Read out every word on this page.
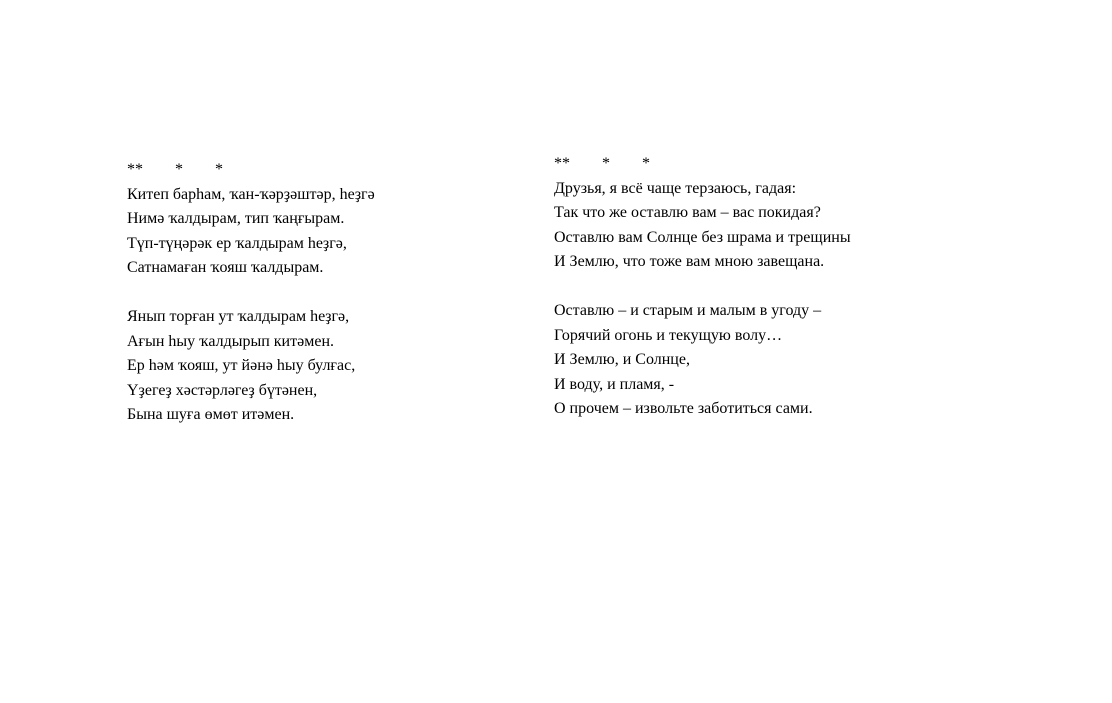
**        *        *
Китеп барһам, ҡан-ҡәрҙәштәр, һеҙгә
Нимә ҡалдырам, тип ҡаңғырам.
Түп-түңәрәк ер ҡалдырам һеҙгә,
Сатнамаған ҡояш ҡалдырам.
Янып торған ут ҡалдырам һеҙгә,
Ағын һыу ҡалдырып китәмен.
Ер һәм ҡояш, ут йәнә һыу булғас,
Үҙегеҙ хәстәрләгеҙ бүтәнен,
Бына шуға өмөт итәмен.
**        *        *
Друзья, я всё чаще терзаюсь, гадая:
Так что же оставлю вам – вас покидая?
Оставлю вам Солнце без шрама и трещины
И Землю, что тоже вам мною завещана.
Оставлю – и старым и малым в угоду –
Горячий огонь и текущую волу…
И Землю, и Солнце,
И воду, и пламя, -
О прочем – извольте заботиться сами.
